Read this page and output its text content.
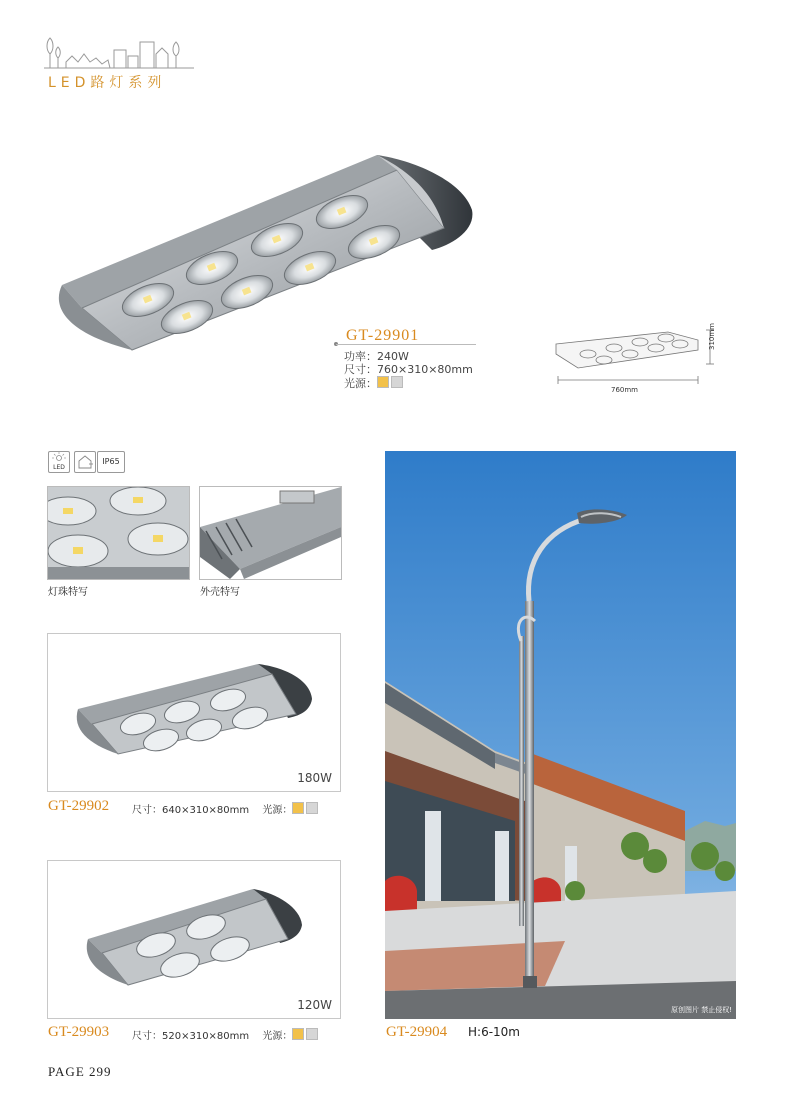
LED路灯系列
GT-29901
功率：240W
尺寸：760×310×80mm
光源：	760mm
310mm
LED
IP65
灯珠特写	外壳特写
180W
GT-29902 尺寸：640×310×80mm 光源：
120W
GT-29903 尺寸：520×310×80mm 光源：
原创图片 禁止侵权!
GT-29904 H:6-10m
PAGE 299
